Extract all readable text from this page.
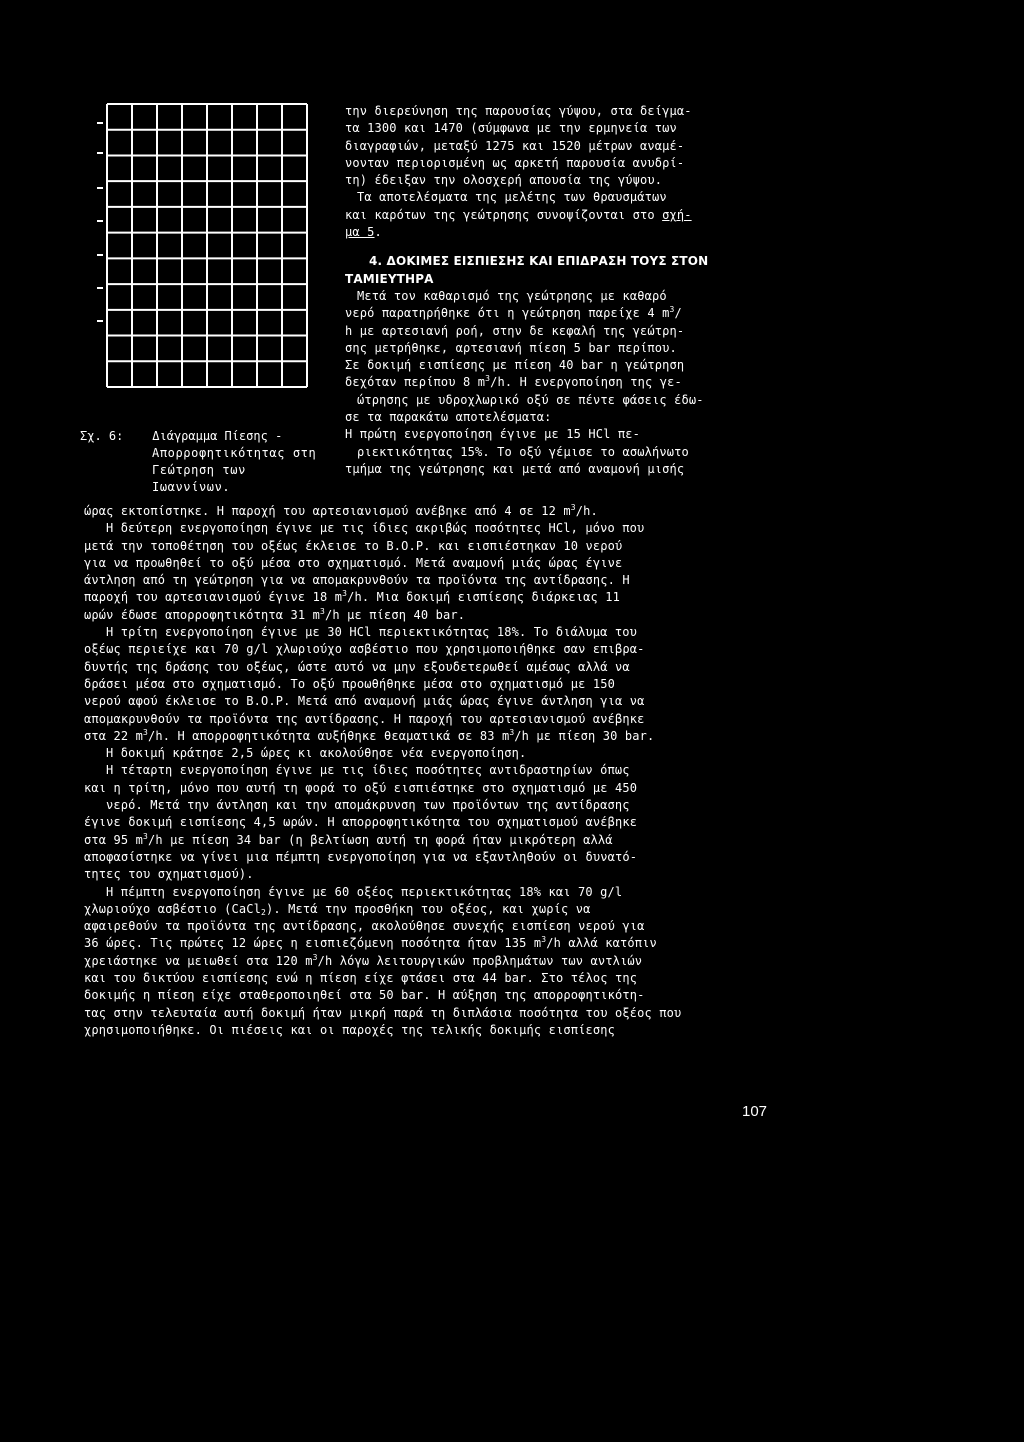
Σχ. 6: Διάγραμμα Πίεσης -
Απορροφητικότητας στη Γεώτρηση των Ιωαννίνων.
την διερεύνηση της παρουσίας γύψου, στα δείγμα-
τα 1300 και 1470 (σύμφωνα με την ερμηνεία των
διαγραφιών, μεταξύ 1275 και 1520 μέτρων αναμέ-
νονταν περιορισμένη ως αρκετή παρουσία ανυδρί-
τη) έδειξαν την ολοσχερή απουσία της γύψου.
Τα αποτελέσματα της μελέτης των θραυσμάτων
και καρότων της γεώτρησης συνοψίζονται στο σχή-
μα 5.
4. ΔΟΚΙΜΕΣ ΕΙΣΠΙΕΣΗΣ ΚΑΙ ΕΠΙΔΡΑΣΗ ΤΟΥΣ ΣΤΟΝ
ΤΑΜΙΕΥΤΗΡΑ
Μετά τον καθαρισμό της γεώτρησης με καθαρό
νερό παρατηρήθηκε ότι η γεώτρηση παρείχε 4 $m^3/$
h με αρτεσιανή ροή, στην δε κεφαλή της γεώτρη-
σης μετρήθηκε, αρτεσιανή πίεση 5 bar περίπου.
Σε δοκιμή εισπίεσης με πίεση 40 bar η γεώτρηση
δεχόταν περίπου 8 $m^3/h$. Η ενεργοποίηση της γε-
ώτρησης με υδροχλωρικό οξύ σε πέντε φάσεις έδω-
σε τα παρακάτω αποτελέσματα:
Η πρώτη ενεργοποίηση έγινε με 15 HCl πε-
ριεκτικότητας 15%. Το οξύ γέμισε το ασωλήνωτο
τμήμα της γεώτρησης και μετά από αναμονή μισής
ώρας εκτοπίστηκε. Η παροχή του αρτεσιανισμού ανέβηκε από 4 σε 12 $m^3/h$.
Η δεύτερη ενεργοποίηση έγινε με τις ίδιες ακριβώς ποσότητες HCl, μόνο που
μετά την τοποθέτηση του οξέως έκλεισε το Β.Ο.Ρ. και εισπιέστηκαν 10 νερού
για να προωθηθεί το οξύ μέσα στο σχηματισμό. Μετά αναμονή μιάς ώρας έγινε
άντληση από τη γεώτρηση για να απομακρυνθούν τα προϊόντα της αντίδρασης. Η
παροχή του αρτεσιανισμού έγινε 18 $m^3/h$. Μια δοκιμή εισπίεσης διάρκειας 11
ωρών έδωσε απορροφητικότητα 31 $m^3/h$ με πίεση 40 bar.
Η τρίτη ενεργοποίηση έγινε με 30 HCl περιεκτικότητας 18%. Το διάλυμα του
οξέως περιείχε και 70 g/l χλωριούχο ασβέστιο που χρησιμοποιήθηκε σαν επιβρα-
δυντής της δράσης του οξέως, ώστε αυτό να μην εξουδετερωθεί αμέσως αλλά να
δράσει μέσα στο σχηματισμό. Το οξύ προωθήθηκε μέσα στο σχηματισμό με 150
νερού αφού έκλεισε το Β.Ο.Ρ. Μετά από αναμονή μιάς ώρας έγινε άντληση για να
απομακρυνθούν τα προϊόντα της αντίδρασης. Η παροχή του αρτεσιανισμού ανέβηκε
στα 22 $m^3/h$. Η απορροφητικότητα αυξήθηκε θεαματικά σε 83 $m^3/h$ με πίεση 30 bar.
Η δοκιμή κράτησε 2,5 ώρες κι ακολούθησε νέα ενεργοποίηση.
Η τέταρτη ενεργοποίηση έγινε με τις ίδιες ποσότητες αντιδραστηρίων όπως
και η τρίτη, μόνο που αυτή τη φορά το οξύ εισπιέστηκε στο σχηματισμό με 450
νερό. Μετά την άντληση και την απομάκρυνση των προϊόντων της αντίδρασης
έγινε δοκιμή εισπίεσης 4,5 ωρών. Η απορροφητικότητα του σχηματισμού ανέβηκε
στα 95 $m^3/h$ με πίεση 34 bar (η βελτίωση αυτή τη φορά ήταν μικρότερη αλλά
αποφασίστηκε να γίνει μια πέμπτη ενεργοποίηση για να εξαντληθούν οι δυνατό-
τητες του σχηματισμού).
Η πέμπτη ενεργοποίηση έγινε με 60 οξέος περιεκτικότητας 18% και 70 g/l
χλωριούχο ασβέστιο (CaCl$_2$). Μετά την προσθήκη του οξέος, και χωρίς να
αφαιρεθούν τα προϊόντα της αντίδρασης, ακολούθησε συνεχής εισπίεση νερού για
36 ώρες. Τις πρώτες 12 ώρες η εισπιεζόμενη ποσότητα ήταν 135 $m^3/h$ αλλά κατόπιν
χρειάστηκε να μειωθεί στα 120 $m^3/h$ λόγω λειτουργικών προβλημάτων των αντλιών
και του δικτύου εισπίεσης ενώ η πίεση είχε φτάσει στα 44 bar. Στο τέλος της
δοκιμής η πίεση είχε σταθεροποιηθεί στα 50 bar. Η αύξηση της απορροφητικότη-
τας στην τελευταία αυτή δοκιμή ήταν μικρή παρά τη διπλάσια ποσότητα του οξέος που
χρησιμοποιήθηκε. Οι πιέσεις και οι παροχές της τελικής δοκιμής εισπίεσης
107
